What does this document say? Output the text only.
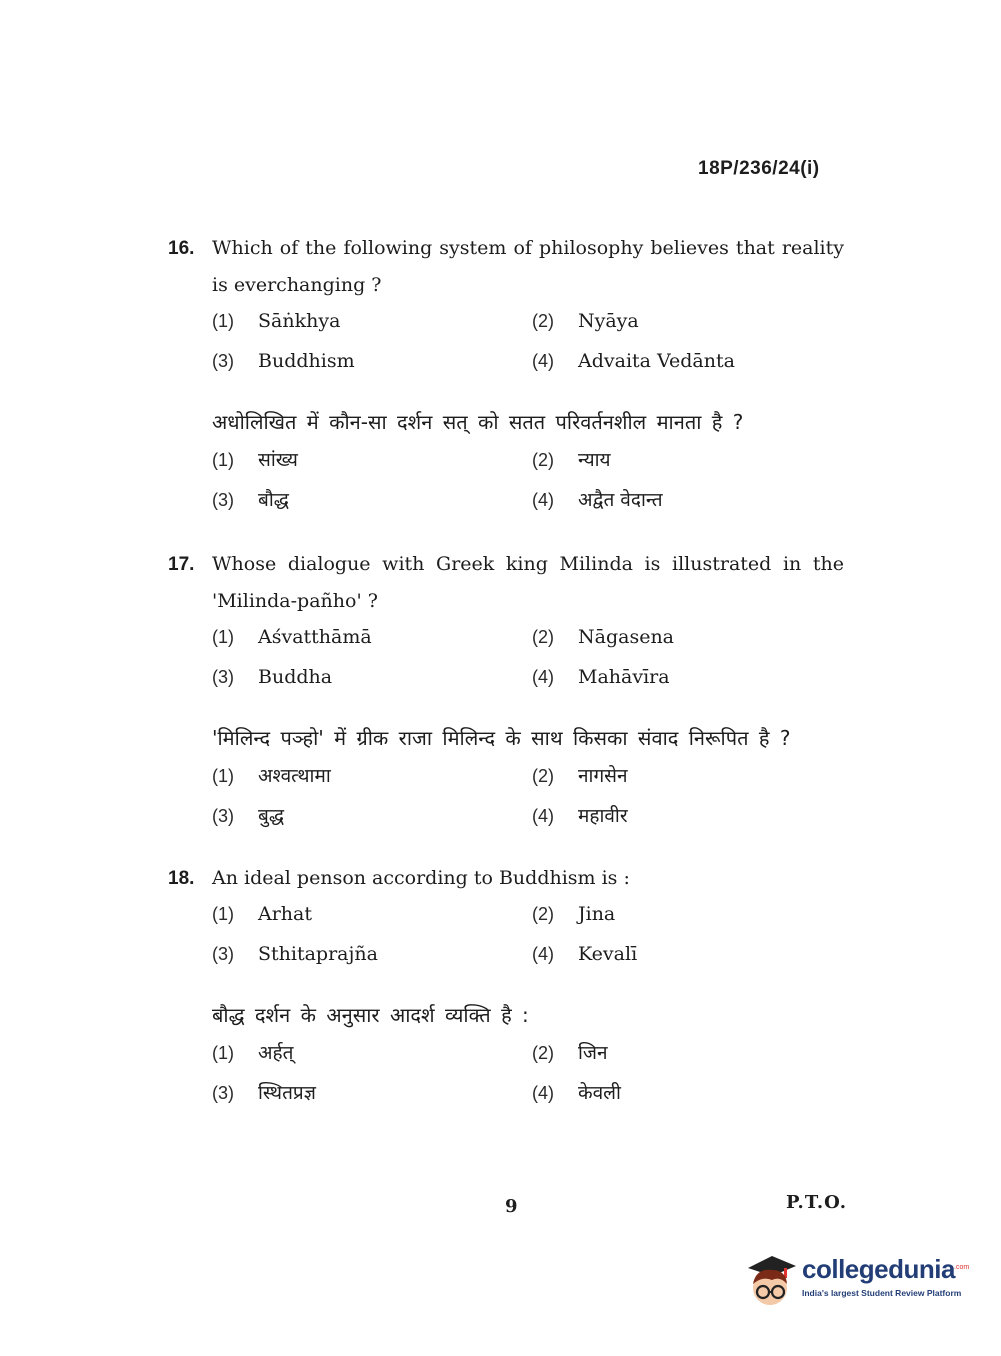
18P/236/24(i)
16. Which of the following system of philosophy believes that reality is everchanging ?
(1) Sāṅkhya	(2) Nyāya
(3) Buddhism	(4) Advaita Vedānta
अधोलिखित में कौन-सा दर्शन सत् को सतत परिवर्तनशील मानता है ?
(1) सांख्य	(2) न्याय
(3) बौद्ध	(4) अद्वैत वेदान्त
17. Whose dialogue with Greek king Milinda is illustrated in the 'Milinda-pañho' ?
(1) Aśvatthāmā	(2) Nāgasena
(3) Buddha	(4) Mahāvīra
'मिलिन्द पञ्हो' में ग्रीक राजा मिलिन्द के साथ किसका संवाद निरूपित है ?
(1) अश्वत्थामा	(2) नागसेन
(3) बुद्ध	(4) महावीर
18. An ideal penson according to Buddhism is :
(1) Arhat	(2) Jina
(3) Sthitaprajña	(4) Kevalī
बौद्ध दर्शन के अनुसार आदर्श व्यक्ति है :
(1) अर्हत्	(2) जिन
(3) स्थितप्रज्ञ	(4) केवली
9	P.T.O.
collegedunia .com
India's largest Student Review Platform
